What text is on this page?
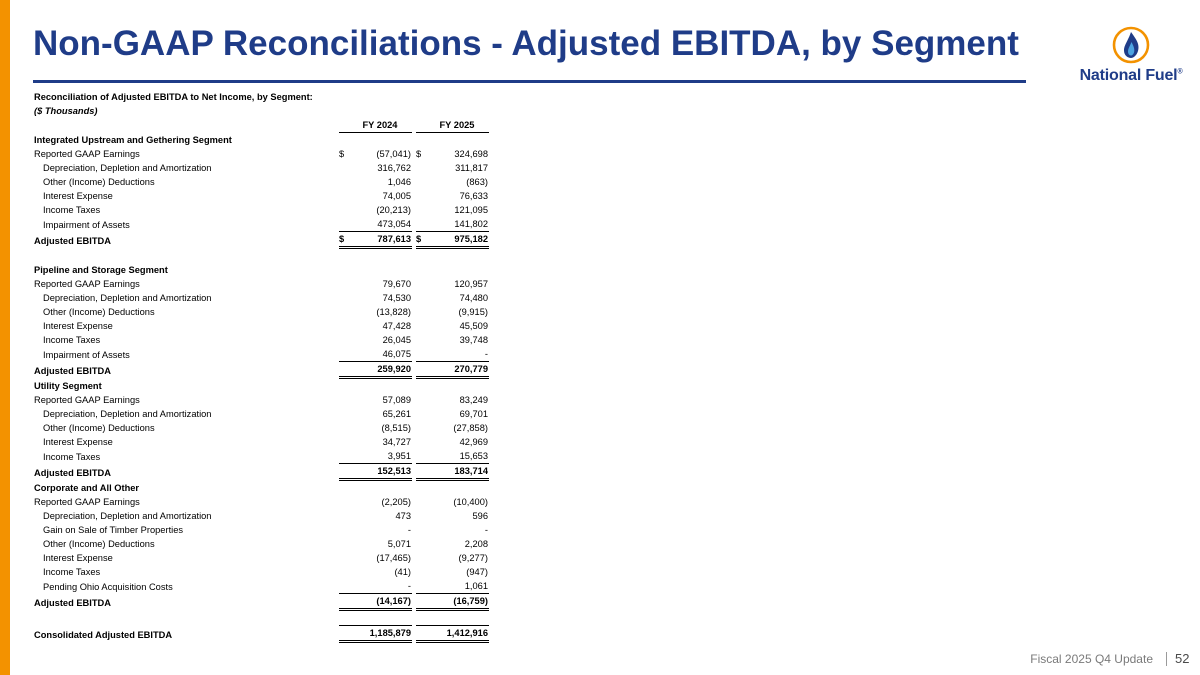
Non-GAAP Reconciliations - Adjusted EBITDA, by Segment
National Fuel®
Reconciliation of Adjusted EBITDA to Net Income, by Segment:
($ Thousands)
		FY 2024			FY 2025
Integrated Upstream and Gethering Segment					
Reported GAAP Earnings	$	(57,041)		$	324,698
Depreciation, Depletion and Amortization		316,762			311,817
Other (Income) Deductions		1,046			(863)
Interest Expense		74,005			76,633
Income Taxes		(20,213)			121,095
Impairment of Assets		473,054			141,802
Adjusted EBITDA	$	787,613		$	975,182

Pipeline and Storage Segment					
Reported GAAP Earnings		79,670			120,957
Depreciation, Depletion and Amortization		74,530			74,480
Other (Income) Deductions		(13,828)			(9,915)
Interest Expense		47,428			45,509
Income Taxes		26,045			39,748
Impairment of Assets		46,075			-
Adjusted EBITDA		259,920			270,779
Utility Segment					
Reported GAAP Earnings		57,089			83,249
Depreciation, Depletion and Amortization		65,261			69,701
Other (Income) Deductions		(8,515)			(27,858)
Interest Expense		34,727			42,969
Income Taxes		3,951			15,653
Adjusted EBITDA		152,513			183,714
Corporate and All Other					
Reported GAAP Earnings		(2,205)			(10,400)
Depreciation, Depletion and Amortization		473			596
Gain on Sale of Timber Properties		-			-
Other (Income) Deductions		5,071			2,208
Interest Expense		(17,465)			(9,277)
Income Taxes		(41)			(947)
Pending Ohio Acquisition Costs		-			1,061
Adjusted EBITDA		(14,167)			(16,759)

Consolidated Adjusted EBITDA		1,185,879			1,412,916
Fiscal 2025 Q4 Update 52
